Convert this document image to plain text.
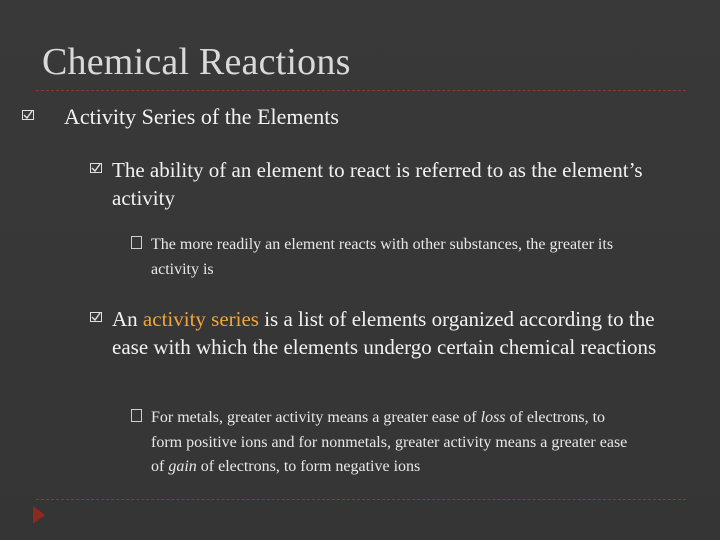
Chemical Reactions
Activity Series of the Elements
The ability of an element to react is referred to as the element’s activity
The more readily an element reacts with other substances, the greater its activity is
An activity series is a list of elements organized according to the ease with which the elements undergo certain chemical reactions
For metals, greater activity means a greater ease of loss of electrons, to form positive ions and for nonmetals, greater activity means a greater ease of gain of electrons, to form negative ions
